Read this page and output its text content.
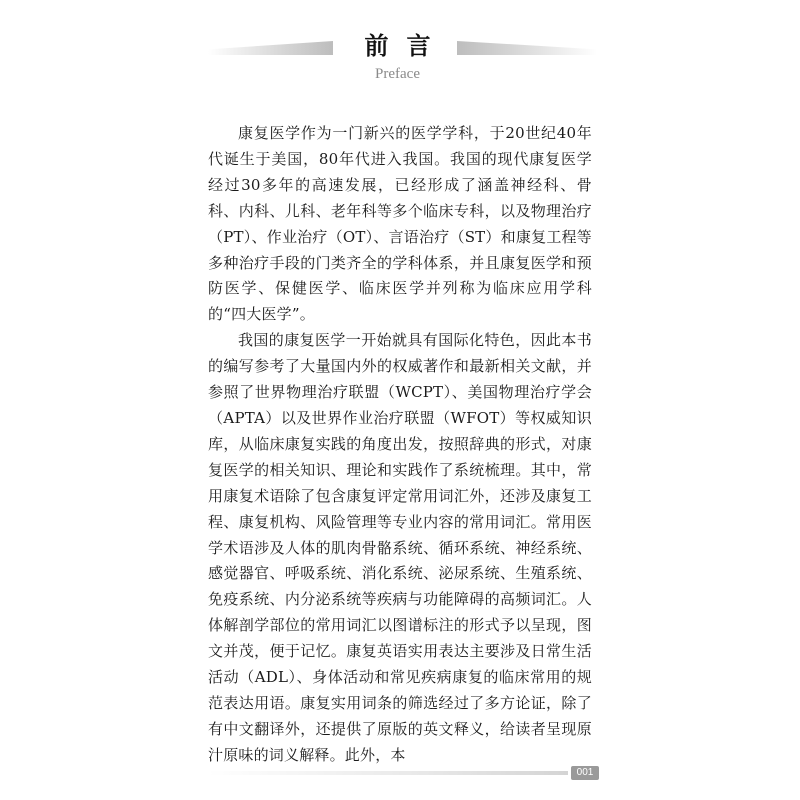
前言
Preface

康复医学作为一门新兴的医学学科，于20世纪40年代诞生于美国，80年代进入我国。我国的现代康复医学经过30多年的高速发展，已经形成了涵盖神经科、骨科、内科、儿科、老年科等多个临床专科，以及物理治疗（PT）、作业治疗（OT）、言语治疗（ST）和康复工程等多种治疗手段的门类齐全的学科体系，并且康复医学和预防医学、保健医学、临床医学并列称为临床应用学科的“四大医学”。

我国的康复医学一开始就具有国际化特色，因此本书的编写参考了大量国内外的权威著作和最新相关文献，并参照了世界物理治疗联盟（WCPT）、美国物理治疗学会（APTA）以及世界作业治疗联盟（WFOT）等权威知识库，从临床康复实践的角度出发，按照辞典的形式，对康复医学的相关知识、理论和实践作了系统梳理。其中，常用康复术语除了包含康复评定常用词汇外，还涉及康复工程、康复机构、风险管理等专业内容的常用词汇。常用医学术语涉及人体的肌肉骨骼系统、循环系统、神经系统、感觉器官、呼吸系统、消化系统、泌尿系统、生殖系统、免疫系统、内分泌系统等疾病与功能障碍的高频词汇。人体解剖学部位的常用词汇以图谱标注的形式予以呈现，图文并茂，便于记忆。康复英语实用表达主要涉及日常生活活动（ADL）、身体活动和常见疾病康复的临床常用的规范表达用语。康复实用词条的筛选经过了多方论证，除了有中文翻译外，还提供了原版的英文释义，给读者呈现原汁原味的词义解释。此外，本

001
